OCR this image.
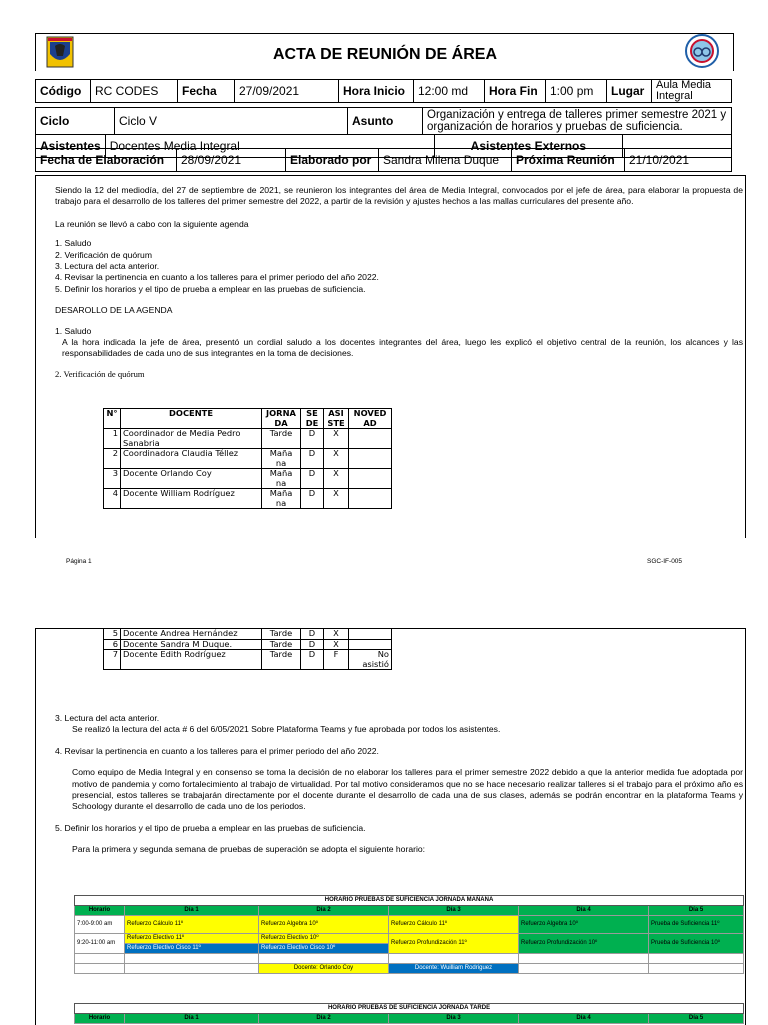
ACTA DE REUNIÓN DE ÁREA
Código	RC CODES	Fecha	27/09/2021	Hora Inicio	12:00 md	Hora Fin	1:00 pm	Lugar	Aula Media Integral
Ciclo	Ciclo V	Asunto	Organización y entrega de talleres primer semestre 2021 y organización de horarios y pruebas de suficiencia.
Asistentes	Docentes Media Integral	Asistentes Externos	
Fecha de Elaboración	28/09/2021	Elaborado por	Sandra Milena Duque	Próxima Reunión	21/10/2021

Siendo la 12 del mediodía, del 27 de septiembre de 2021, se reunieron los integrantes del área de Media Integral, convocados por el jefe de área, para elaborar la propuesta de trabajo para el desarrollo de los talleres del primer semestre del 2022, a partir de la revisión y ajustes hechos a las mallas curriculares del presente año.

La reunión se llevó a cabo con la siguiente agenda

1. Saludo
2. Verificación de quórum
3. Lectura del acta anterior.
4. Revisar la pertinencia en cuanto a los talleres para el primer periodo del año 2022.
5. Definir los horarios y el tipo de prueba a emplear en las pruebas de suficiencia.

DESAROLLO DE LA AGENDA

1. Saludo

A la hora indicada la jefe de área, presentó un cordial saludo a los docentes integrantes del área, luego les explicó el objetivo central de la reunión, los alcances y las responsabilidades de cada uno de sus integrantes en la toma de decisiones.

2. Verificación de quórum

N°	DOCENTE	JORNA DA	SE DE	ASI STE	NOVED AD
1	Coordinador de Media Pedro Sanabria	Tarde	D	X	
2	Coordinadora Claudia Téllez	Maña na	D	X	
3	Docente Orlando Coy	Maña na	D	X	
4	Docente William Rodríguez	Maña na	D	X	
Página 1	SGC-IF-005
5	Docente Andrea Hernández	Tarde	D	X	
6	Docente Sandra M Duque.	Tarde	D	X	
7	Docente Edith Rodríguez	Tarde	D	F	No asistió

3. Lectura del acta anterior.

Se realizó la lectura del acta # 6 del 6/05/2021 Sobre Plataforma Teams y fue aprobada por todos los asistentes.

4. Revisar la pertinencia en cuanto a los talleres para el primer periodo del año 2022.

Como equipo de Media Integral y en consenso se toma la decisión de no elaborar los talleres para el primer semestre 2022 debido a que la anterior medida fue adoptada por motivo de pandemia y como fortalecimiento al trabajo de virtualidad. Por tal motivo consideramos que no se hace necesario realizar talleres si el trabajo para el próximo año es presencial, estos talleres se trabajarán directamente por el docente durante el desarrollo de cada una de sus clases, además se podrán encontrar en la plataforma Teams y Schoology durante el desarrollo de cada uno de los periodos.

5. Definir los horarios y el tipo de prueba a emplear en las pruebas de suficiencia.

Para la primera y segunda semana de pruebas de superación se adopta el siguiente horario:

HORARIO PRUEBAS DE SUFICIENCIA JORNADA MAÑANA					
Horario	Día 1	Día 2	Día 3	Día 4	Día 5
7:00-9:00 am	Refuerzo Cálculo 11º	Refuerzo Algebra 10º	Refuerzo Cálculo 11º	Refuerzo Algebra 10º	Prueba de Suficiencia 11º
9:20-11:00 am	Refuerzo Electivo 11º	Refuerzo Electivo 10º	Refuerzo Profundización 11º	Refuerzo Profundización 10º	Prueba de Suficiencia 10º
	Refuerzo Electivo Cisco 11º	Refuerzo Electivo Cisco 10º			

		Docente: Orlando Coy	Docente: Wuilliam Rodriguez		
HORARIO PRUEBAS DE SUFICIENCIA JORNADA TARDE
Horario	Día 1	Día 2	Día 3	Día 4	Día 5
